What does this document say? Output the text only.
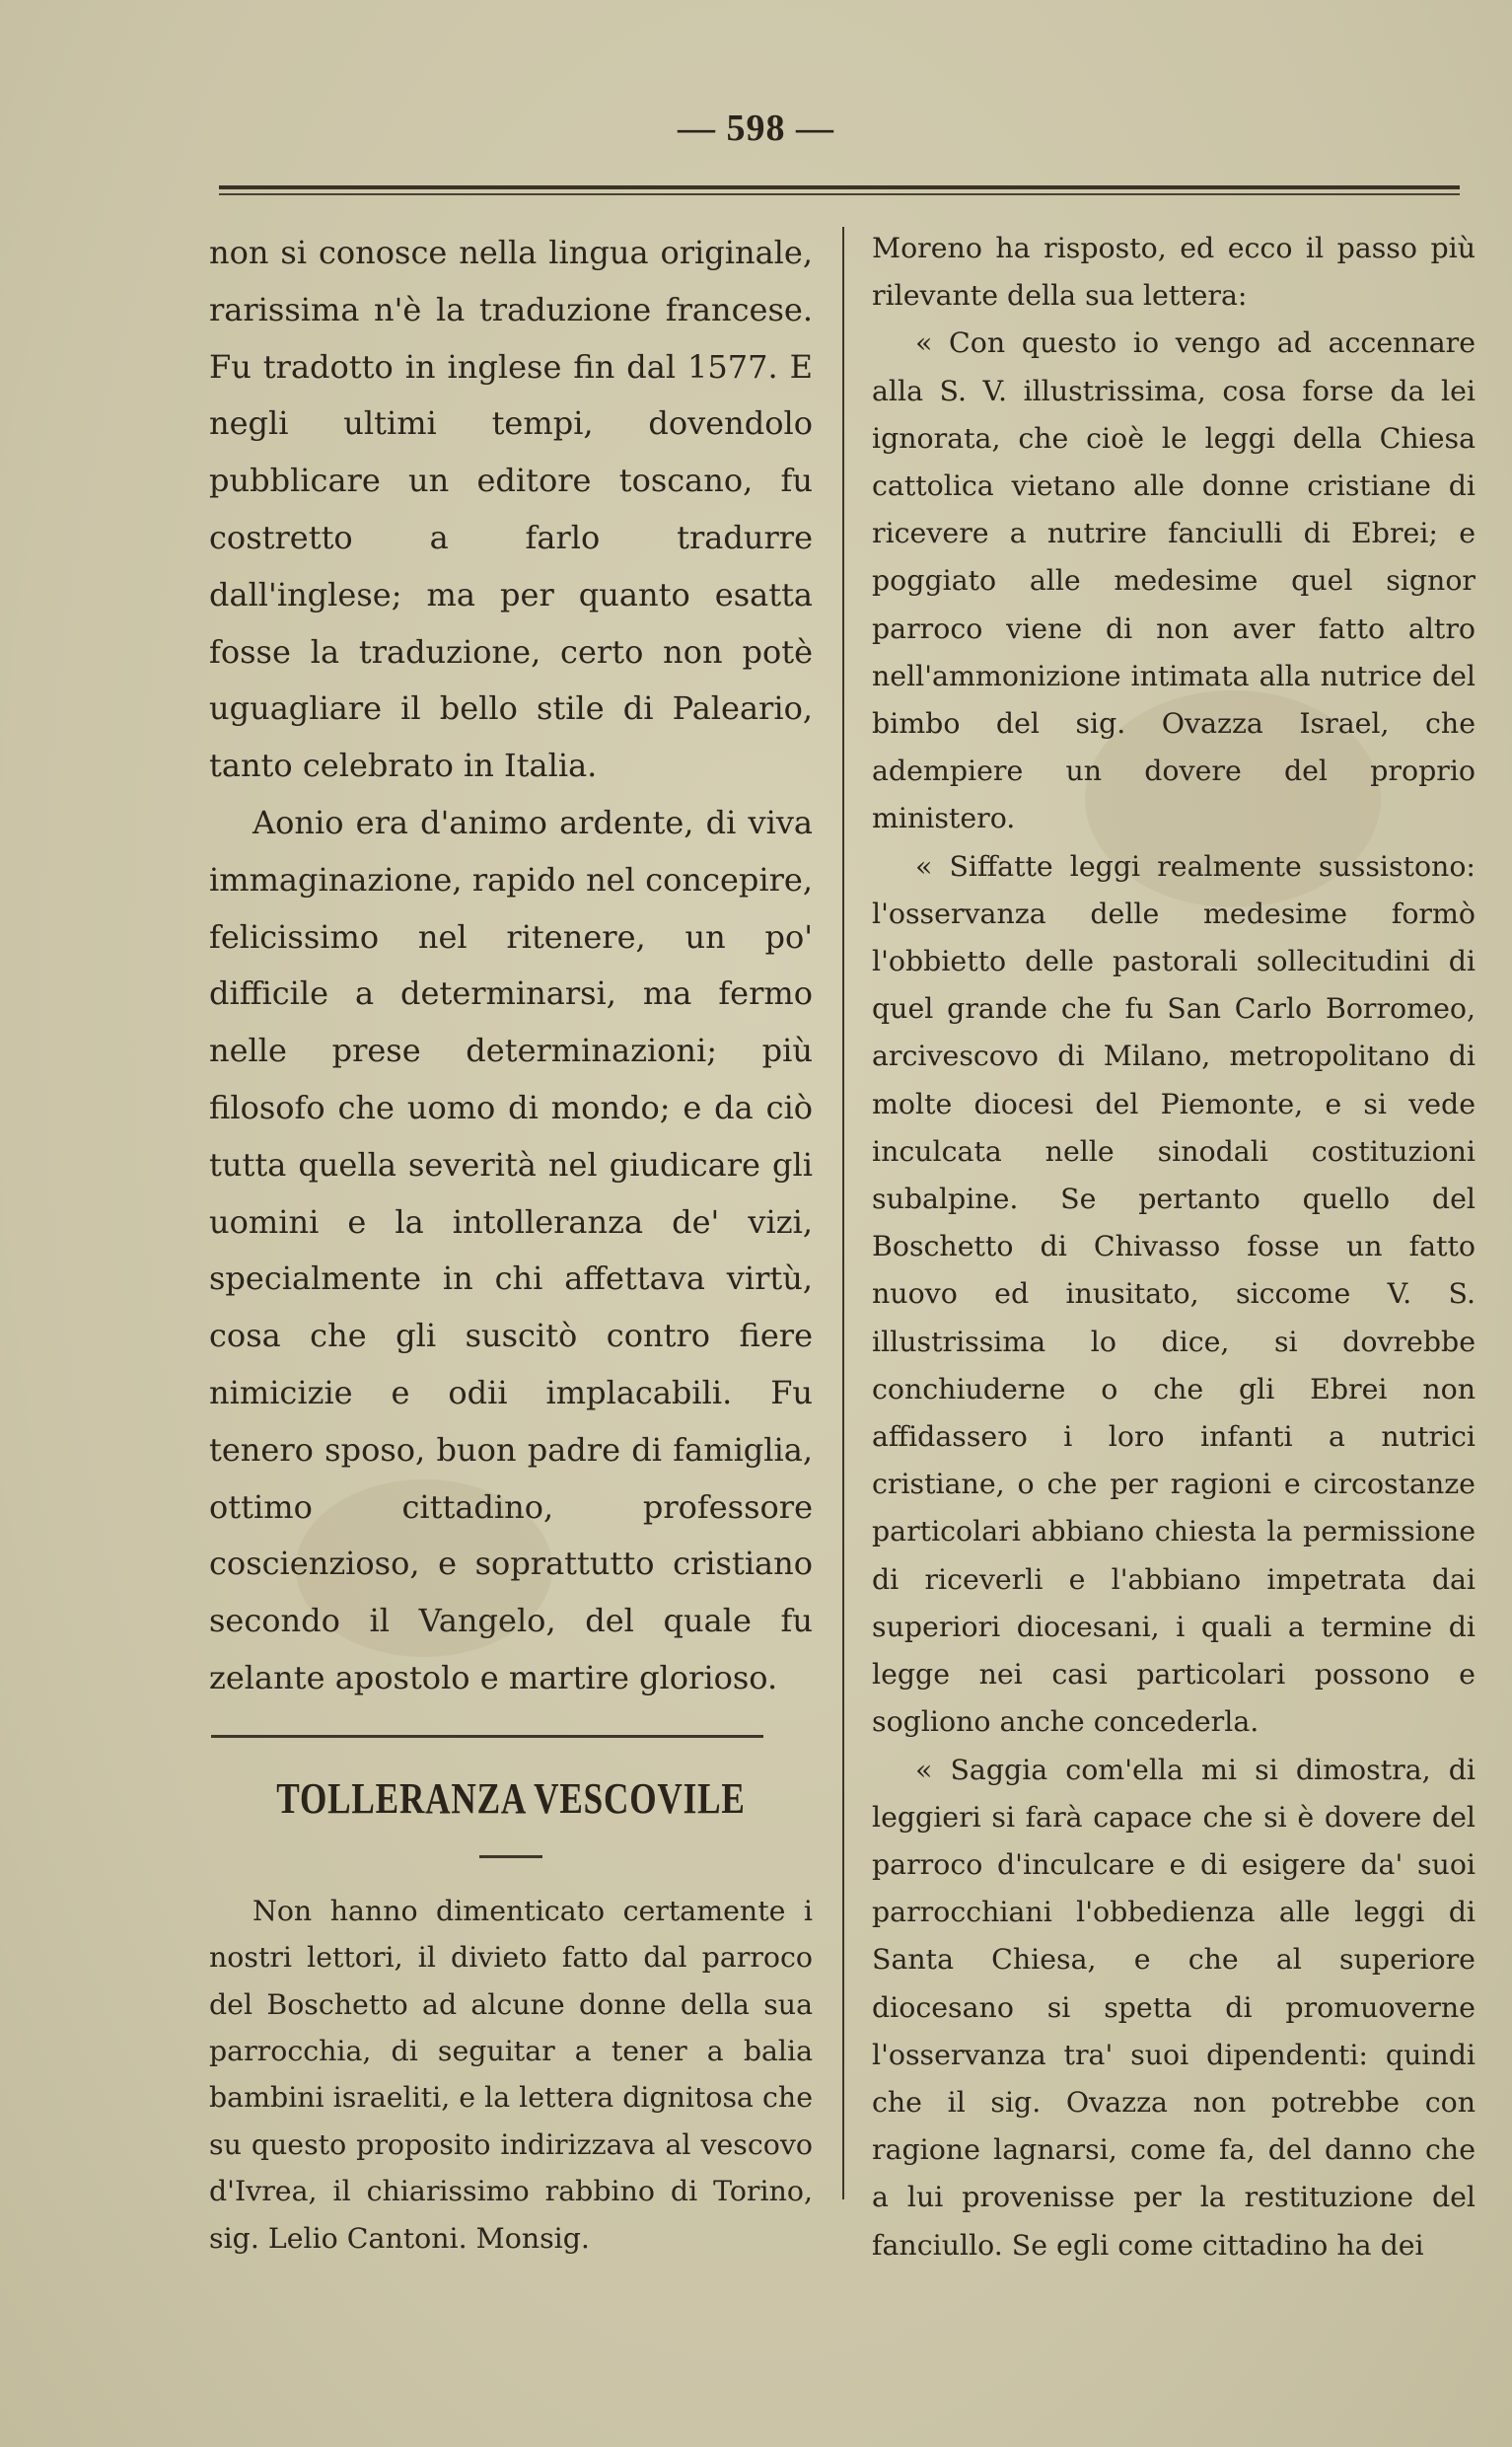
— 598 —

non si conosce nella lingua originale, rarissima n'è la traduzione francese. Fu tradotto in inglese fin dal 1577. E negli ultimi tempi, dovendolo pubblicare un editore toscano, fu costretto a farlo tradurre dall'inglese; ma per quanto esatta fosse la traduzione, certo non potè uguagliare il bello stile di Paleario, tanto celebrato in Italia.

Aonio era d'animo ardente, di viva immaginazione, rapido nel concepire, felicissimo nel ritenere, un po' difficile a determinarsi, ma fermo nelle prese determinazioni; più filosofo che uomo di mondo; e da ciò tutta quella severità nel giudicare gli uomini e la intolleranza de' vizi, specialmente in chi affettava virtù, cosa che gli suscitò contro fiere nimicizie e odii implacabili. Fu tenero sposo, buon padre di famiglia, ottimo cittadino, professore coscienzioso, e soprattutto cristiano secondo il Vangelo, del quale fu zelante apostolo e martire glorioso.

TOLLERANZA VESCOVILE

Non hanno dimenticato certamente i nostri lettori, il divieto fatto dal parroco del Boschetto ad alcune donne della sua parrocchia, di seguitar a tener a balia bambini israeliti, e la lettera dignitosa che su questo proposito indirizzava al vescovo d'Ivrea, il chiarissimo rabbino di Torino, sig. Lelio Cantoni. Monsig.

Moreno ha risposto, ed ecco il passo più rilevante della sua lettera:

« Con questo io vengo ad accennare alla S. V. illustrissima, cosa forse da lei ignorata, che cioè le leggi della Chiesa cattolica vietano alle donne cristiane di ricevere a nutrire fanciulli di Ebrei; e poggiato alle medesime quel signor parroco viene di non aver fatto altro nell'ammonizione intimata alla nutrice del bimbo del sig. Ovazza Israel, che adempiere un dovere del proprio ministero.

« Siffatte leggi realmente sussistono: l'osservanza delle medesime formò l'obbietto delle pastorali sollecitudini di quel grande che fu San Carlo Borromeo, arcivescovo di Milano, metropolitano di molte diocesi del Piemonte, e si vede inculcata nelle sinodali costituzioni subalpine. Se pertanto quello del Boschetto di Chivasso fosse un fatto nuovo ed inusitato, siccome V. S. illustrissima lo dice, si dovrebbe conchiuderne o che gli Ebrei non affidassero i loro infanti a nutrici cristiane, o che per ragioni e circostanze particolari abbiano chiesta la permissione di riceverli e l'abbiano impetrata dai superiori diocesani, i quali a termine di legge nei casi particolari possono e sogliono anche concederla.

« Saggia com'ella mi si dimostra, di leggieri si farà capace che si è dovere del parroco d'inculcare e di esigere da' suoi parrocchiani l'obbedienza alle leggi di Santa Chiesa, e che al superiore diocesano si spetta di promuoverne l'osservanza tra' suoi dipendenti: quindi che il sig. Ovazza non potrebbe con ragione lagnarsi, come fa, del danno che a lui provenisse per la restituzione del fanciullo. Se egli come cittadino ha dei
